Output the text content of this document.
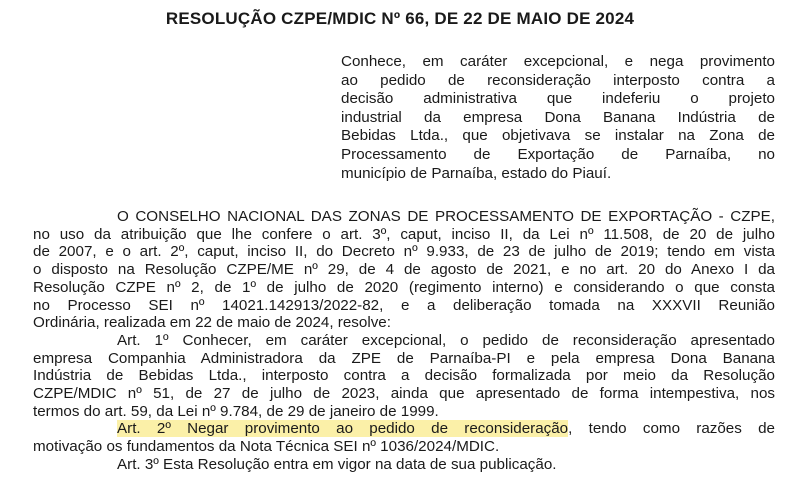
RESOLUÇÃO CZPE/MDIC Nº 66, DE 22 DE MAIO DE 2024
Conhece, em caráter excepcional, e nega provimento
ao pedido de reconsideração interposto contra a
decisão administrativa que indeferiu o projeto
industrial da empresa Dona Banana Indústria de
Bebidas Ltda., que objetivava se instalar na Zona de
Processamento de Exportação de Parnaíba, no
município de Parnaíba, estado do Piauí.
O CONSELHO NACIONAL DAS ZONAS DE PROCESSAMENTO DE EXPORTAÇÃO - CZPE,
no uso da atribuição que lhe confere o art. 3º, caput, inciso II, da Lei nº 11.508, de 20 de julho
de 2007, e o art. 2º, caput, inciso II, do Decreto nº 9.933, de 23 de julho de 2019; tendo em vista
o disposto na Resolução CZPE/ME nº 29, de 4 de agosto de 2021, e no art. 20 do Anexo I da
Resolução CZPE nº 2, de 1º de julho de 2020 (regimento interno) e considerando o que consta
no Processo SEI nº 14021.142913/2022-82, e a deliberação tomada na XXXVII Reunião
Ordinária, realizada em 22 de maio de 2024, resolve:
Art. 1º Conhecer, em caráter excepcional, o pedido de reconsideração apresentado
empresa Companhia Administradora da ZPE de Parnaíba-PI e pela empresa Dona Banana
Indústria de Bebidas Ltda., interposto contra a decisão formalizada por meio da Resolução
CZPE/MDIC nº 51, de 27 de julho de 2023, ainda que apresentado de forma intempestiva, nos
termos do art. 59, da Lei nº 9.784, de 29 de janeiro de 1999.
Art. 2º Negar provimento ao pedido de reconsideração, tendo como razões de
motivação os fundamentos da Nota Técnica SEI nº 1036/2024/MDIC.
Art. 3º Esta Resolução entra em vigor na data de sua publicação.
